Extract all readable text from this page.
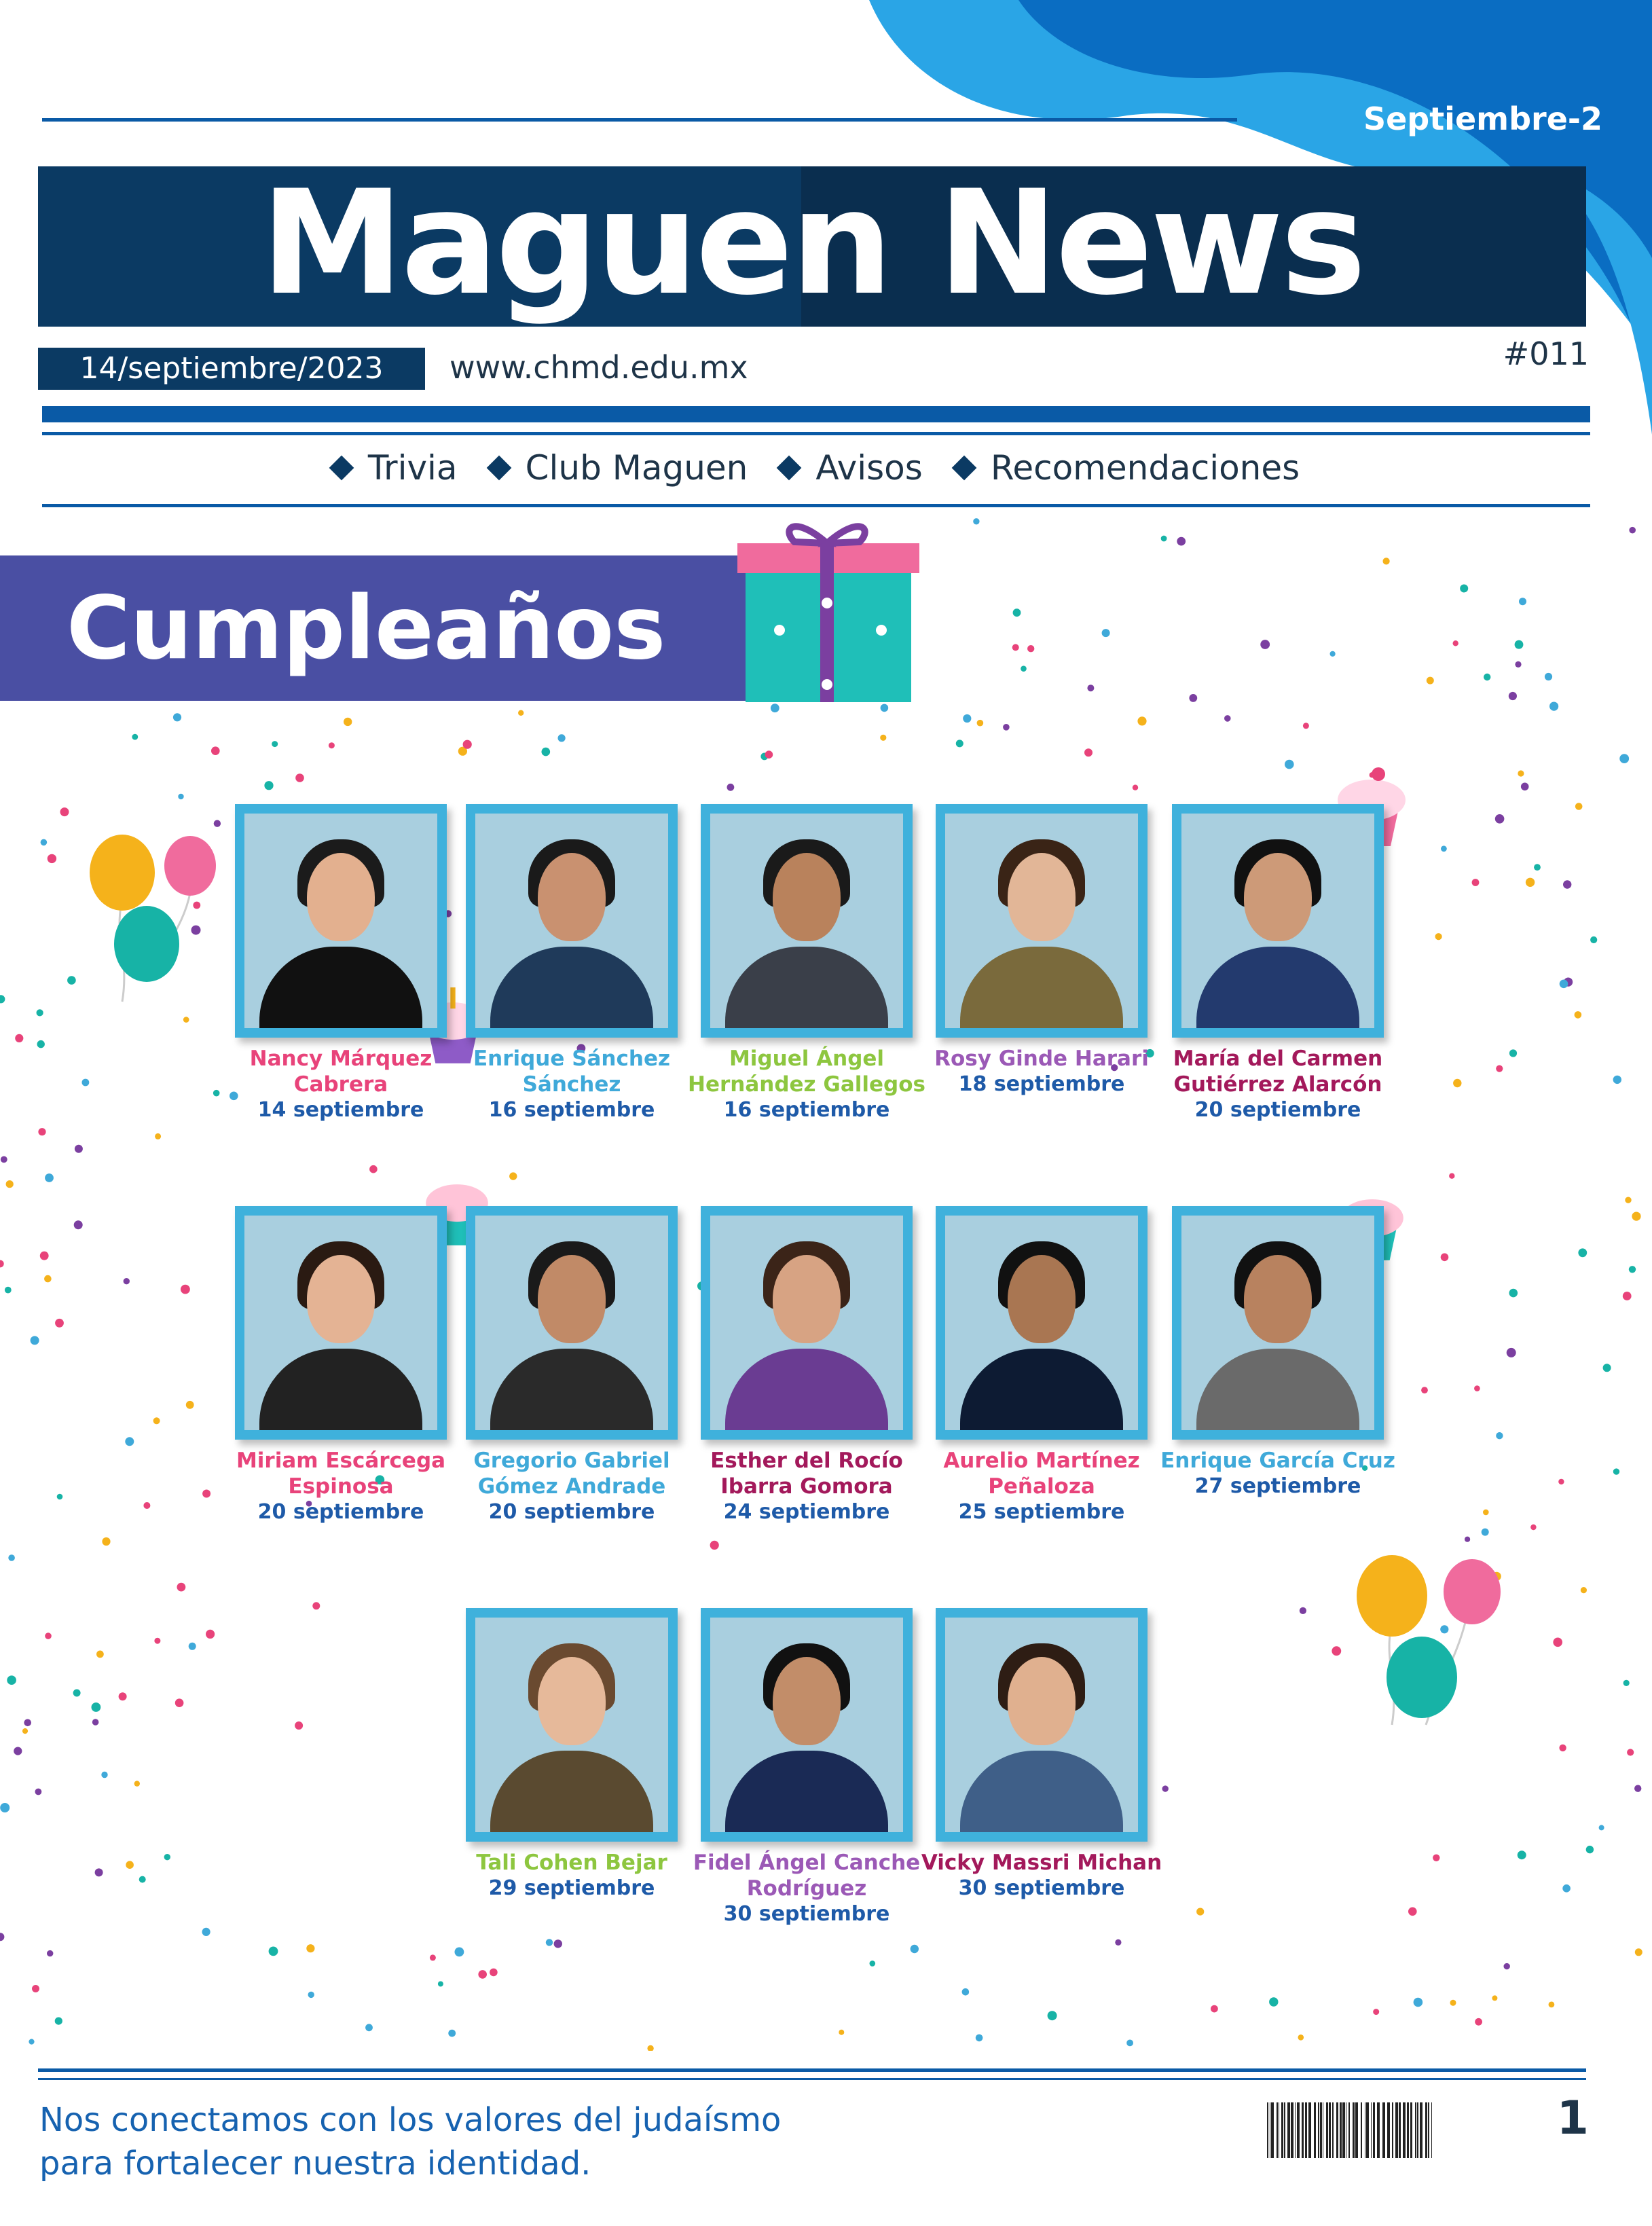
Septiembre-2
Maguen News
14/septiembre/2023	www.chmd.edu.mx	#011
Trivia Club Maguen Avisos Recomendaciones
Cumpleaños
Nancy Márquez Cabrera
14 septiembre
Enrique Sánchez Sánchez
16 septiembre
Miguel Ángel Hernández Gallegos
16 septiembre
Rosy Ginde Harari
18 septiembre
María del Carmen Gutiérrez Alarcón
20 septiembre
Miriam Escárcega Espinosa
20 septiembre
Gregorio Gabriel Gómez Andrade
20 septiembre
Esther del Rocío Ibarra Gomora
24 septiembre
Aurelio Martínez Peñaloza
25 septiembre
Enrique García Cruz
27 septiembre
Tali Cohen Bejar
29 septiembre
Fidel Ángel Canche Rodríguez
30 septiembre
Vicky Massri Michan
30 septiembre
Nos conectamos con los valores del judaísmo
para fortalecer nuestra identidad.
1
